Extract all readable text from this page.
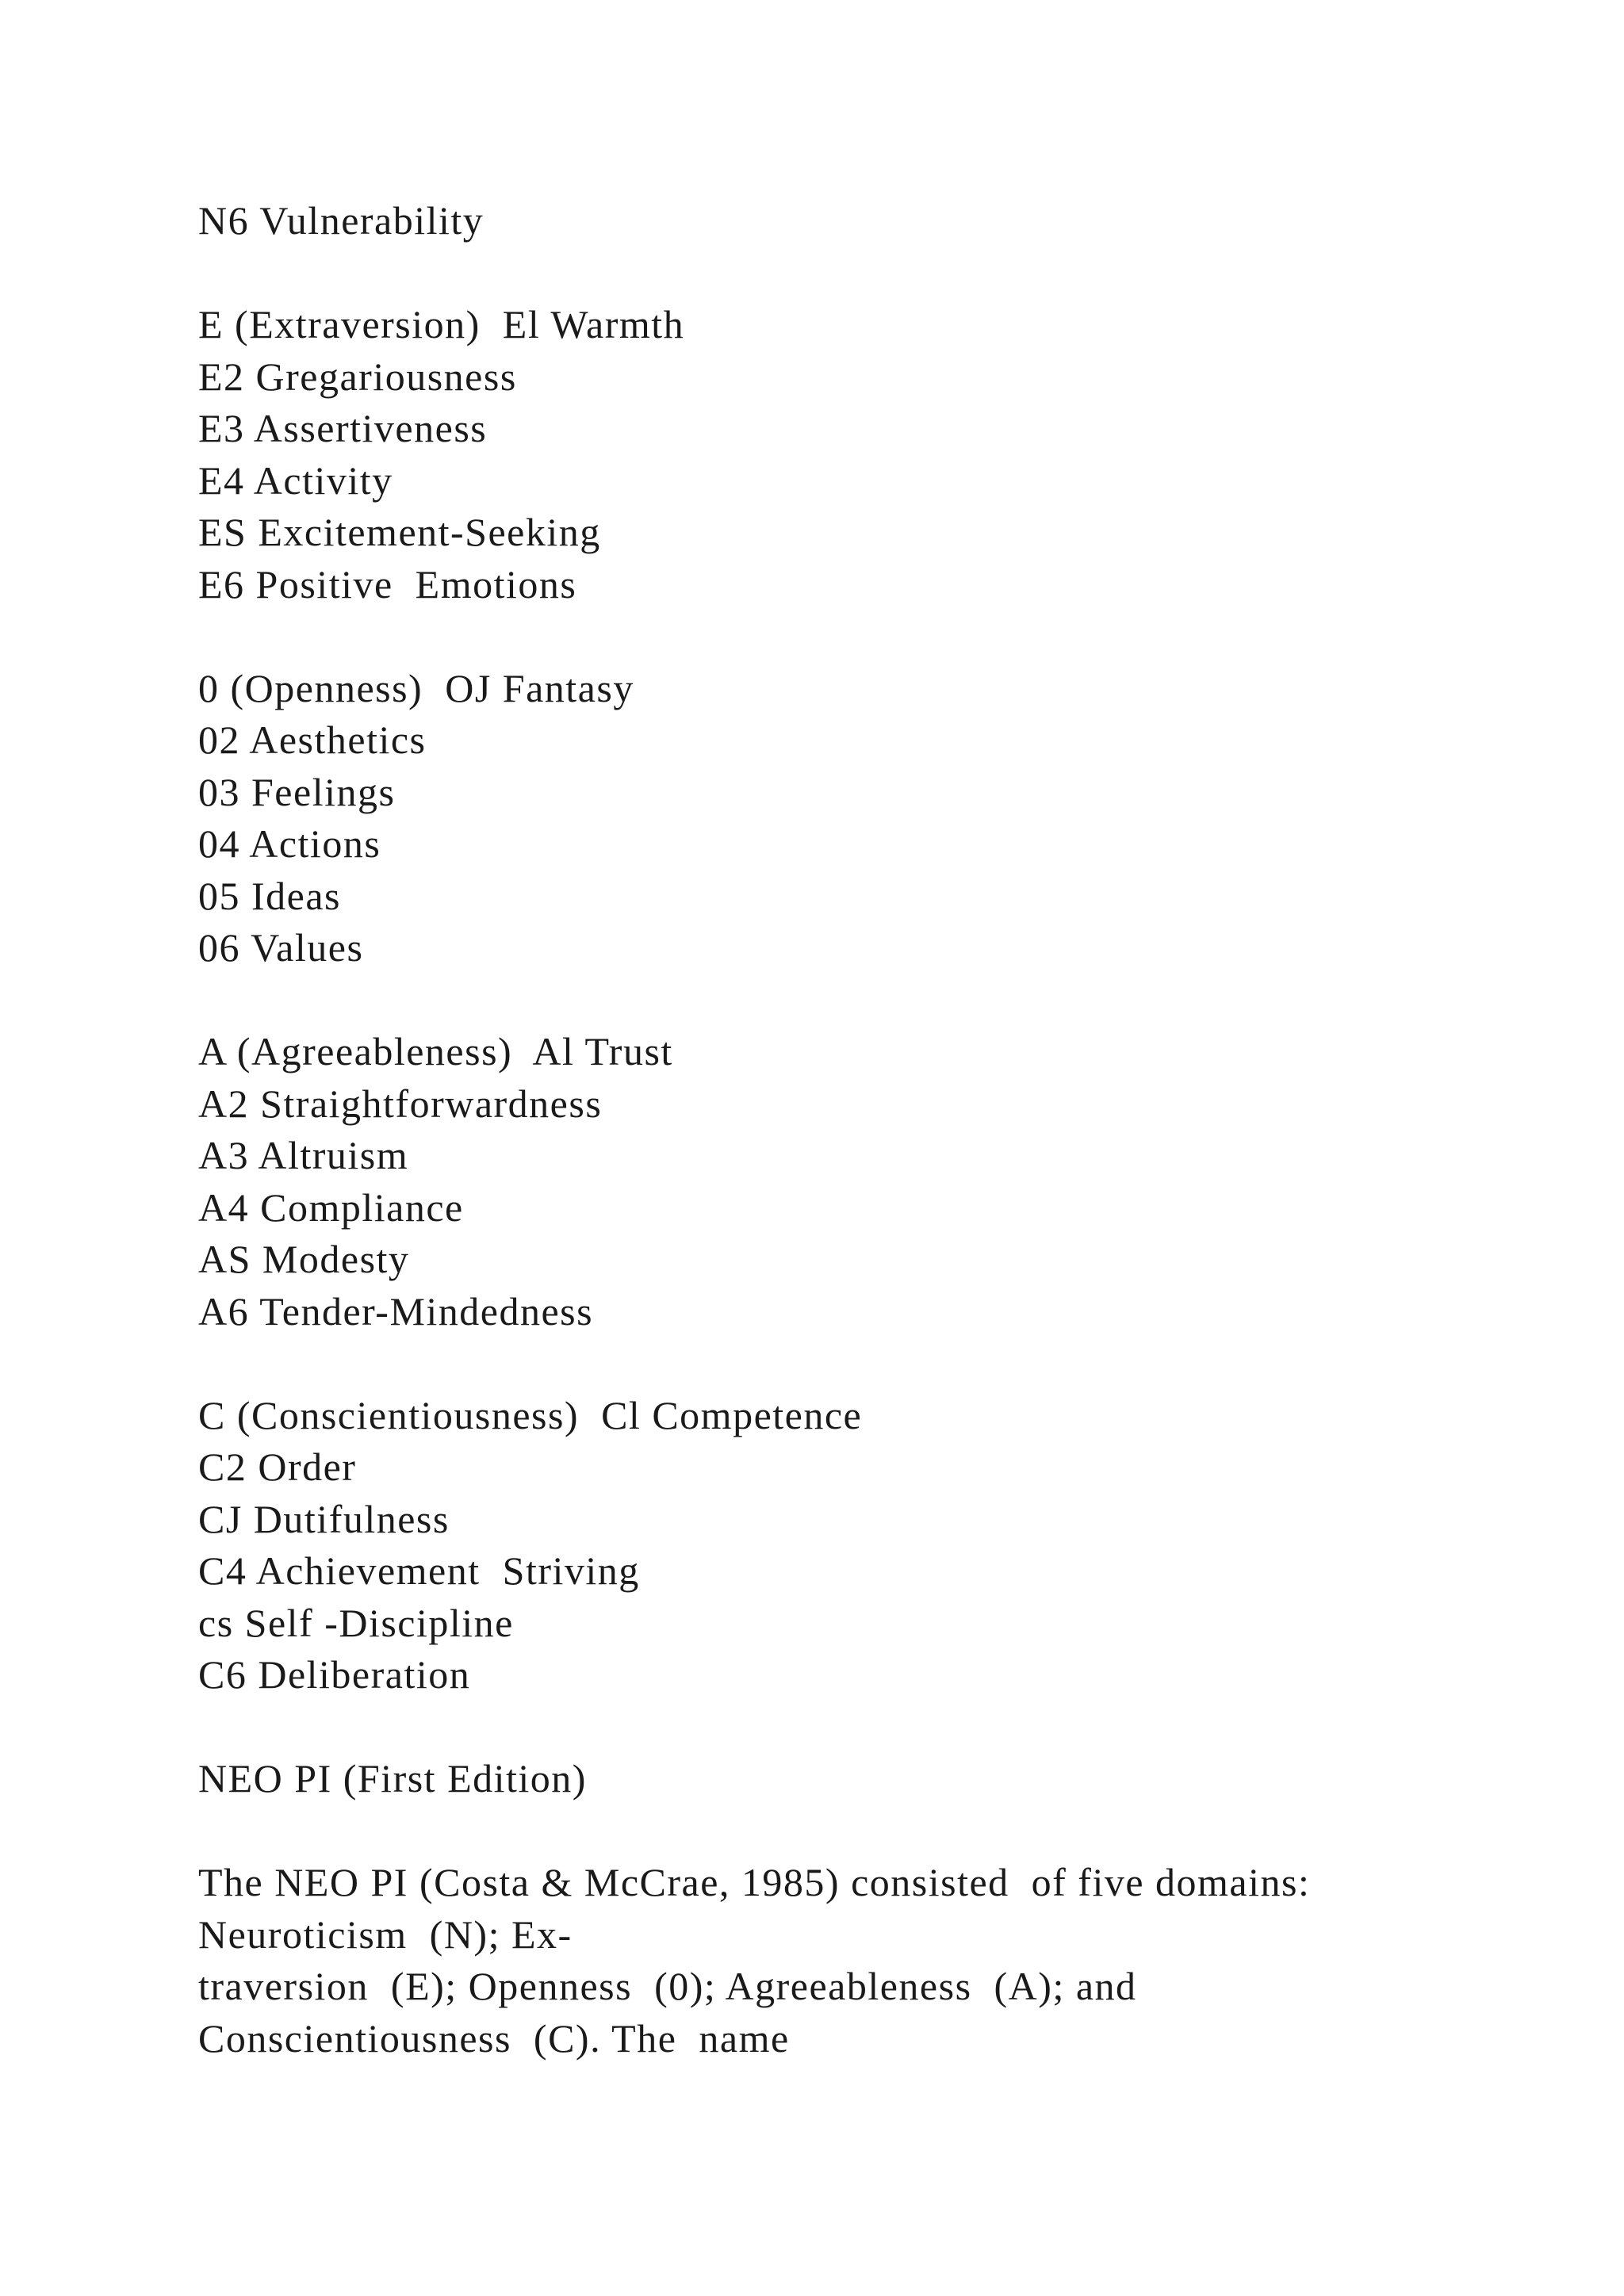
N6 Vulnerability
E (Extraversion)  El Warmth
E2 Gregariousness
E3 Assertiveness
E4 Activity
ES Excitement-Seeking
E6 Positive  Emotions
0 (Openness)  OJ Fantasy
02 Aesthetics
03 Feelings
04 Actions
05 Ideas
06 Values
A (Agreeableness)  Al Trust
A2 Straightforwardness
A3 Altruism
A4 Compliance
AS Modesty
A6 Tender-Mindedness
C (Conscientiousness)  Cl Competence
C2 Order
CJ Dutifulness
C4 Achievement  Striving
cs Self -Discipline
C6 Deliberation
NEO PI (First Edition)
The NEO PI (Costa & McCrae, 1985) consisted  of five domains:
Neuroticism  (N); Ex-
traversion  (E); Openness  (0); Agreeableness  (A); and
Conscientiousness  (C). The  name
